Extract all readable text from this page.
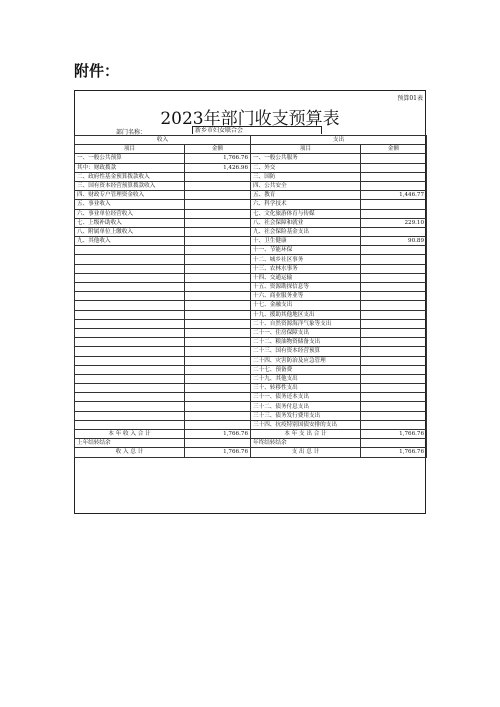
附件：
预算01表
2023年部门收支预算表
部门名称：	新乡市妇女联合会
收入		支出	
项目	金额	项目	金额
一、一般公共预算	1,766.76	一、一般公共服务	
其中：财政拨款	1,426.96	二、外交	
二、政府性基金预算拨款收入		三、国防	
三、国有资本经营预算拨款收入		四、公共安全	
四、财政专户管理资金收入		五、教育	1,446.77
五、事业收入		六、科学技术	
六、事业单位经营收入		七、文化旅游体育与传媒	
七、上级补助收入		八、社会保障和就业	229.10
八、附属单位上缴收入		九、社会保险基金支出	
九、其他收入		十、卫生健康	90.89
		十一、节能环保	
		十二、城乡社区事务	
		十三、农林水事务	
		十四、交通运输	
		十五、资源勘探信息等	
		十六、商业服务业等	
		十七、金融支出	
		十九、援助其他地区支出	
		二十、自然资源海洋气象等支出	
		二十一、住房保障支出	
		二十二、粮油物资储备支出	
		二十三、国有资本经营预算	
		二十四、灾害防治及应急管理	
		二十七、预备费	
		二十九、其他支出	
		三十、转移性支出	
		三十一、债务还本支出	
		三十二、债务付息支出	
		三十三、债务发行费用支出	
		三十四、抗疫特别国债安排的支出	
本 年 收 入 合 计	1,766.76	本 年 支 出 合 计	1,766.76
上年结转结余		年终结转结余	
收 入 总 计	1,766.76	支 出 总 计	1,766.76
